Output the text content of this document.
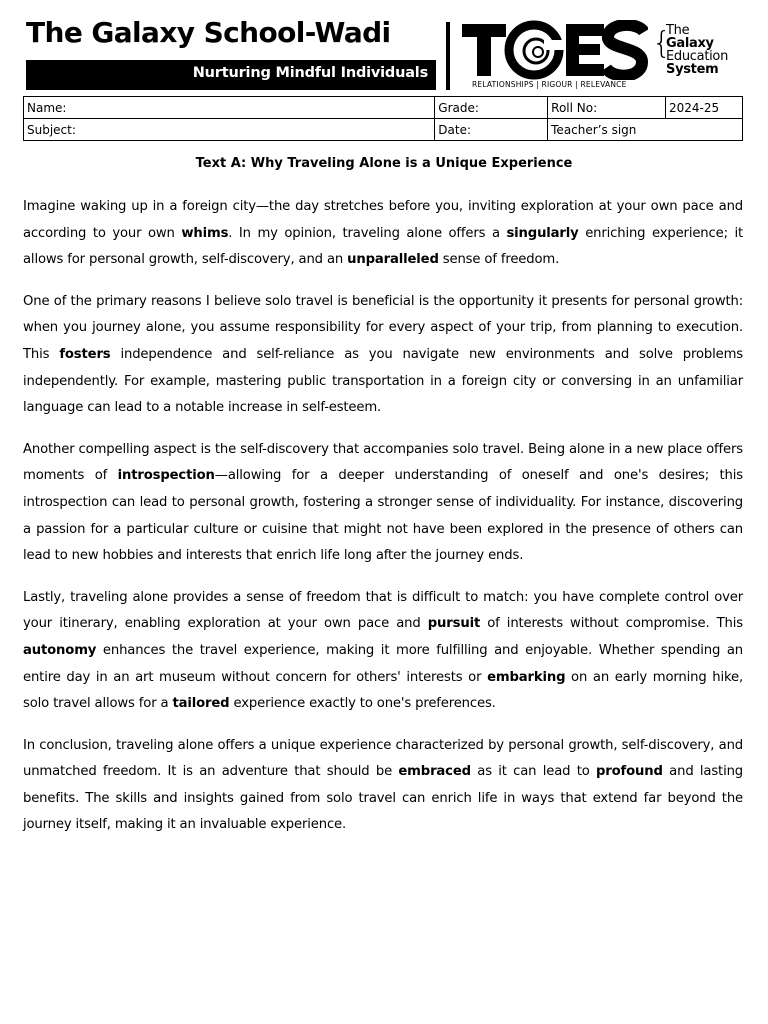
The Galaxy School-Wadi
Nurturing Mindful Individuals
RELATIONSHIPS | RIGOUR | RELEVANCE
{
The
Galaxy
Education
System
Name:	Grade:	Roll No:	2024-25
Subject:	Date:	Teacher’s sign	
Text A: Why Traveling Alone is a Unique Experience

Imagine waking up in a foreign city—the day stretches before you, inviting exploration at your own pace and according to your own whims. In my opinion, traveling alone offers a singularly enriching experience; it allows for personal growth, self-discovery, and an unparalleled sense of freedom.

One of the primary reasons I believe solo travel is beneficial is the opportunity it presents for personal growth: when you journey alone, you assume responsibility for every aspect of your trip, from planning to execution. This fosters independence and self-reliance as you navigate new environments and solve problems independently. For example, mastering public transportation in a foreign city or conversing in an unfamiliar language can lead to a notable increase in self-esteem.

Another compelling aspect is the self-discovery that accompanies solo travel. Being alone in a new place offers moments of introspection—allowing for a deeper understanding of oneself and one's desires; this introspection can lead to personal growth, fostering a stronger sense of individuality. For instance, discovering a passion for a particular culture or cuisine that might not have been explored in the presence of others can lead to new hobbies and interests that enrich life long after the journey ends.

Lastly, traveling alone provides a sense of freedom that is difficult to match: you have complete control over your itinerary, enabling exploration at your own pace and pursuit of interests without compromise. This autonomy enhances the travel experience, making it more fulfilling and enjoyable. Whether spending an entire day in an art museum without concern for others' interests or embarking on an early morning hike, solo travel allows for a tailored experience exactly to one's preferences.

In conclusion, traveling alone offers a unique experience characterized by personal growth, self-discovery, and unmatched freedom. It is an adventure that should be embraced as it can lead to profound and lasting benefits. The skills and insights gained from solo travel can enrich life in ways that extend far beyond the journey itself, making it an invaluable experience.
